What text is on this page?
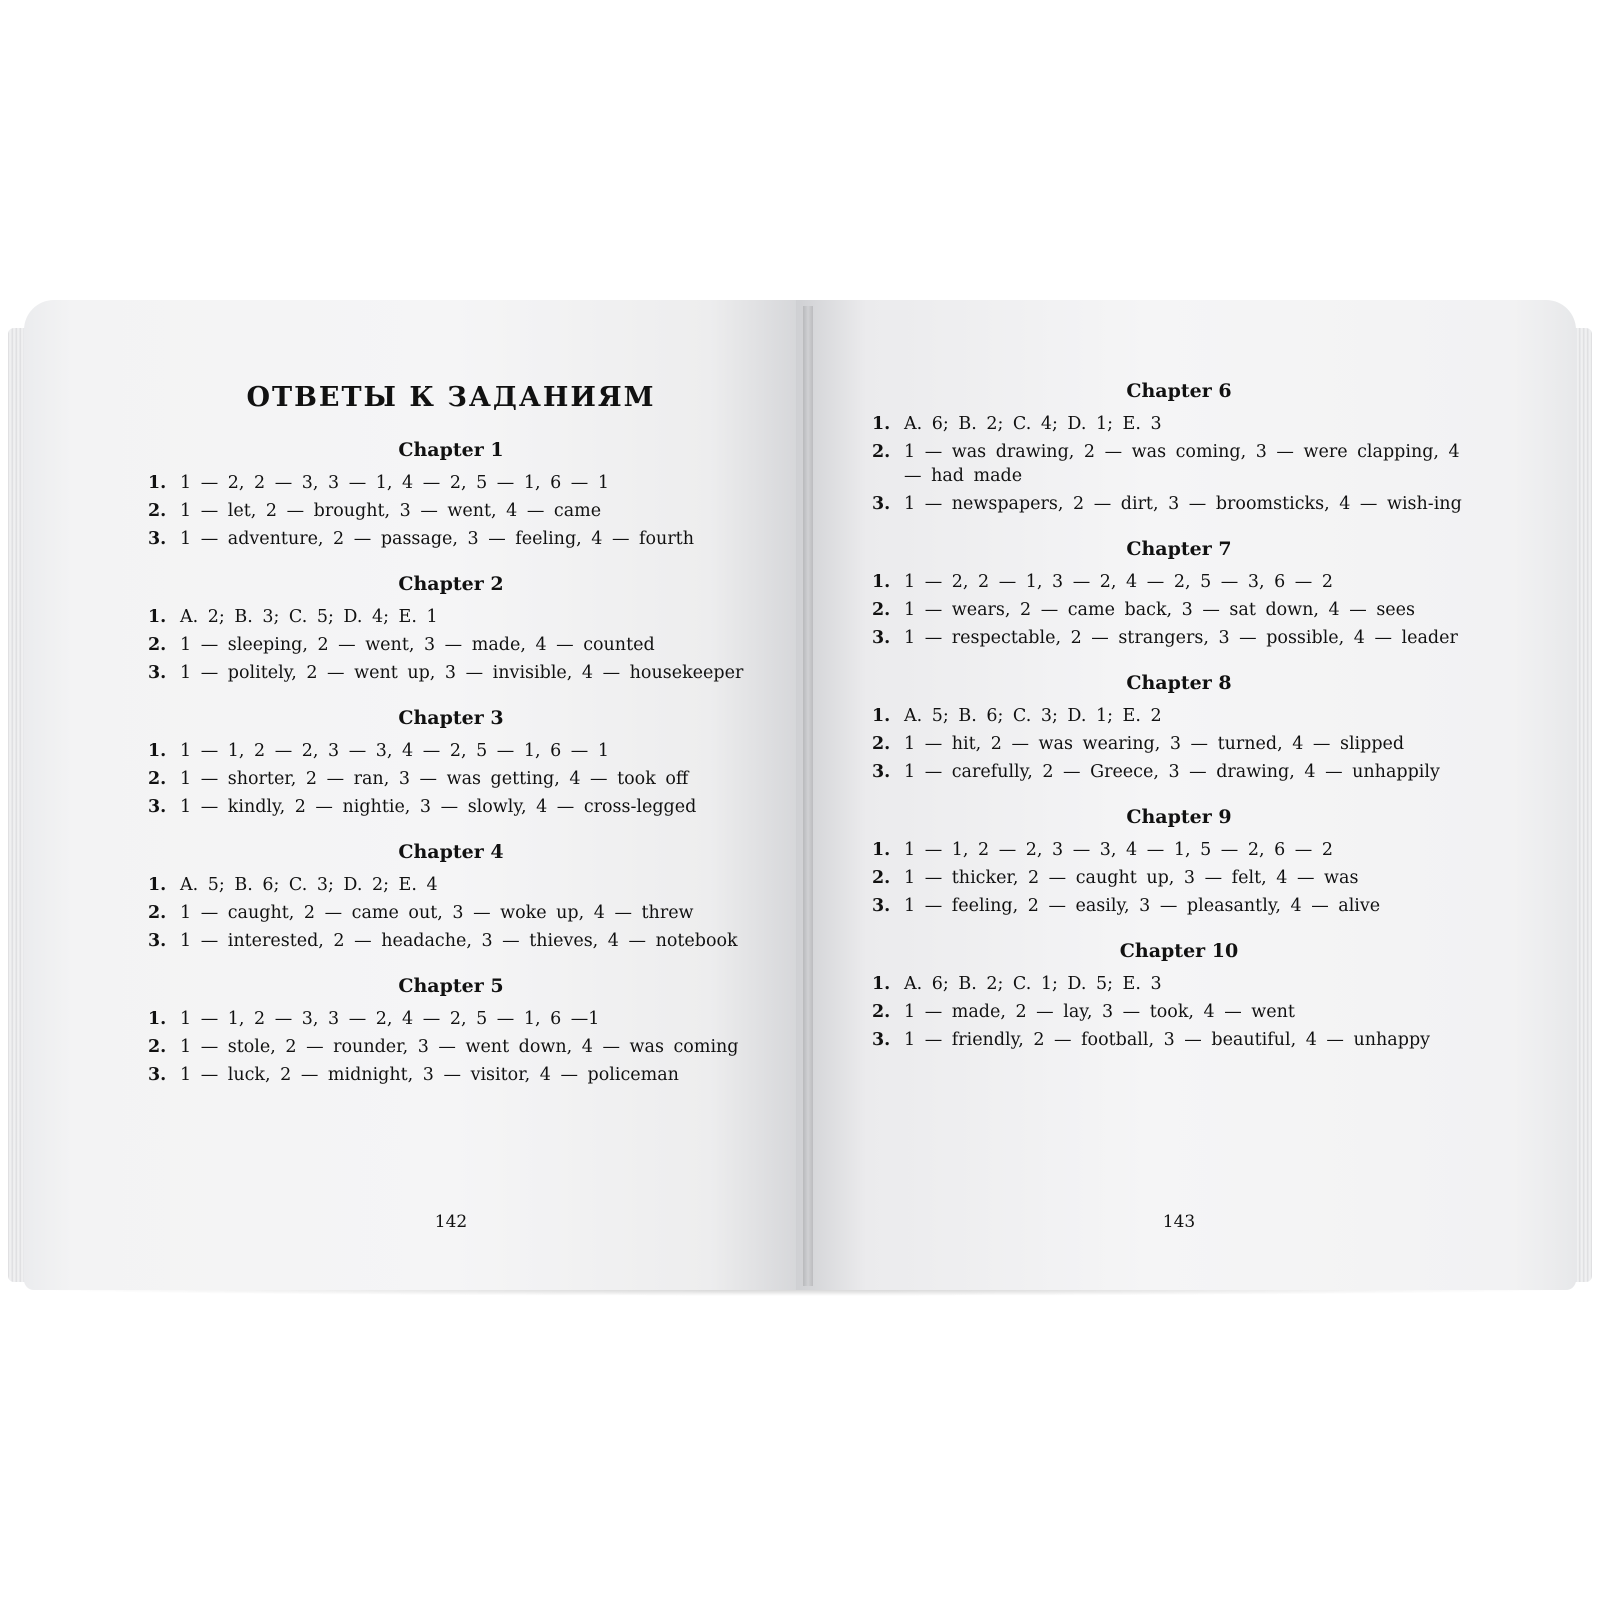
ОТВЕТЫ К ЗАДАНИЯМ
Chapter 1
1. 1 — 2, 2 — 3, 3 — 1, 4 — 2, 5 — 1, 6 — 1
2. 1 — let, 2 — brought, 3 — went, 4 — came
3. 1 — adventure, 2 — passage, 3 — feeling, 4 — fourth
Chapter 2
1. A. 2; B. 3; C. 5; D. 4; E. 1
2. 1 — sleeping, 2 — went, 3 — made, 4 — counted
3. 1 — politely, 2 — went up, 3 — invisible, 4 — housekeeper
Chapter 3
1. 1 — 1, 2 — 2, 3 — 3, 4 — 2, 5 — 1, 6 — 1
2. 1 — shorter, 2 — ran, 3 — was getting, 4 — took off
3. 1 — kindly, 2 — nightie, 3 — slowly, 4 — cross-legged
Chapter 4
1. A. 5; B. 6; C. 3; D. 2; E. 4
2. 1 — caught, 2 — came out, 3 — woke up, 4 — threw
3. 1 — interested, 2 — headache, 3 — thieves, 4 — notebook
Chapter 5
1. 1 — 1, 2 — 3, 3 — 2, 4 — 2, 5 — 1, 6 —1
2. 1 — stole, 2 — rounder, 3 — went down, 4 — was coming
3. 1 — luck, 2 — midnight, 3 — visitor, 4 — policeman
142
Chapter 6
1. A. 6; B. 2; C. 4; D. 1; E. 3
2. 1 — was drawing, 2 — was coming, 3 — were clapping, 4 — had made
3. 1 — newspapers, 2 — dirt, 3 — broomsticks, 4 — wish-ing
Chapter 7
1. 1 — 2, 2 — 1, 3 — 2, 4 — 2, 5 — 3, 6 — 2
2. 1 — wears, 2 — came back, 3 — sat down, 4 — sees
3. 1 — respectable, 2 — strangers, 3 — possible, 4 — leader
Chapter 8
1. A. 5; B. 6; C. 3; D. 1; E. 2
2. 1 — hit, 2 — was wearing, 3 — turned, 4 — slipped
3. 1 — carefully, 2 — Greece, 3 — drawing, 4 — unhappily
Chapter 9
1. 1 — 1, 2 — 2, 3 — 3, 4 — 1, 5 — 2, 6 — 2
2. 1 — thicker, 2 — caught up, 3 — felt, 4 — was
3. 1 — feeling, 2 — easily, 3 — pleasantly, 4 — alive
Chapter 10
1. A. 6; B. 2; C. 1; D. 5; E. 3
2. 1 — made, 2 — lay, 3 — took, 4 — went
3. 1 — friendly, 2 — football, 3 — beautiful, 4 — unhappy
143
